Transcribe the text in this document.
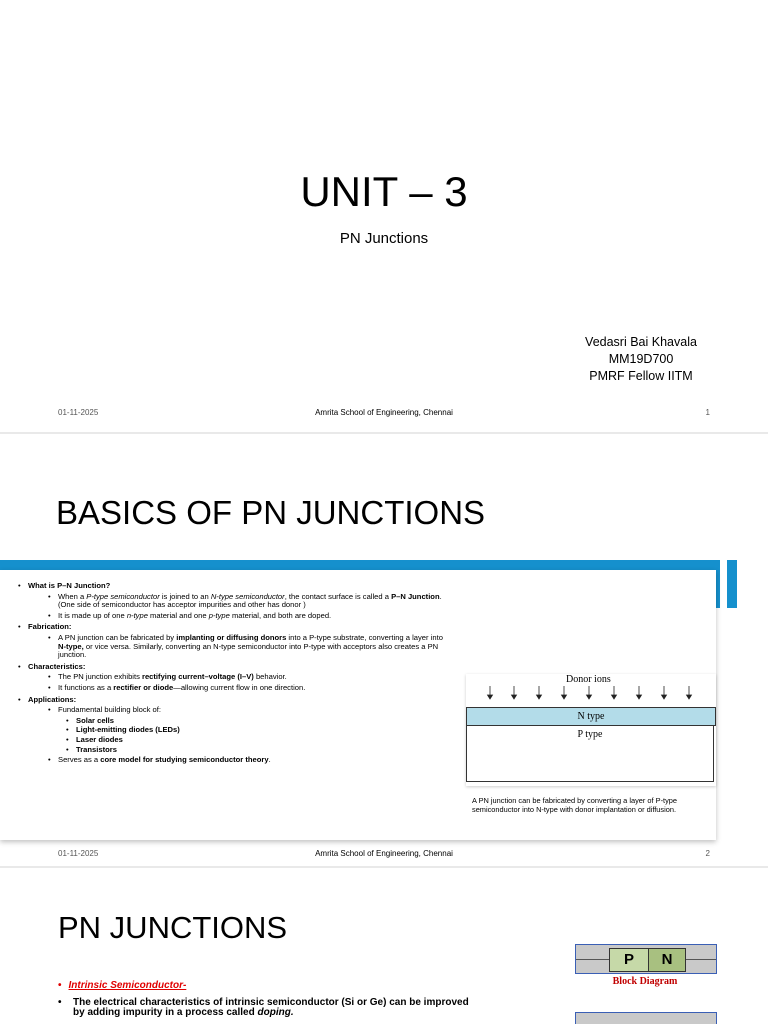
UNIT – 3
PN Junctions
Vedasri Bai Khavala
MM19D700
PMRF Fellow IITM
01-11-2025	Amrita School of Engineering, Chennai	1
BASICS OF PN JUNCTIONS
• What is P–N Junction?
• When a P-type semiconductor is joined to an N-type semiconductor, the contact surface is called a P–N Junction. (One side of semiconductor has acceptor impurities and other has donor )
• It is made up of one n-type material and one p-type material, and both are doped.
• Fabrication:
• A PN junction can be fabricated by implanting or diffusing donors into a P-type substrate, converting a layer into N-type, or vice versa. Similarly, converting an N-type semiconductor into P-type with acceptors also creates a PN junction.
• Characteristics:
• The PN junction exhibits rectifying current–voltage (I–V) behavior.
• It functions as a rectifier or diode—allowing current flow in one direction.
• Applications:
• Fundamental building block of:
• Solar cells
• Light-emitting diodes (LEDs)
• Laser diodes
• Transistors
• Serves as a core model for studying semiconductor theory.
Donor ions
N type
P type
A PN junction can be fabricated by converting a layer of P-type semiconductor into N-type with donor implantation or diffusion.
01-11-2025	Amrita School of Engineering, Chennai	2
PN JUNCTIONS
• Intrinsic Semiconductor-
•	The electrical characteristics of intrinsic semiconductor (Si or Ge) can be improved by adding impurity in a process called doping.
P	N
Block Diagram
